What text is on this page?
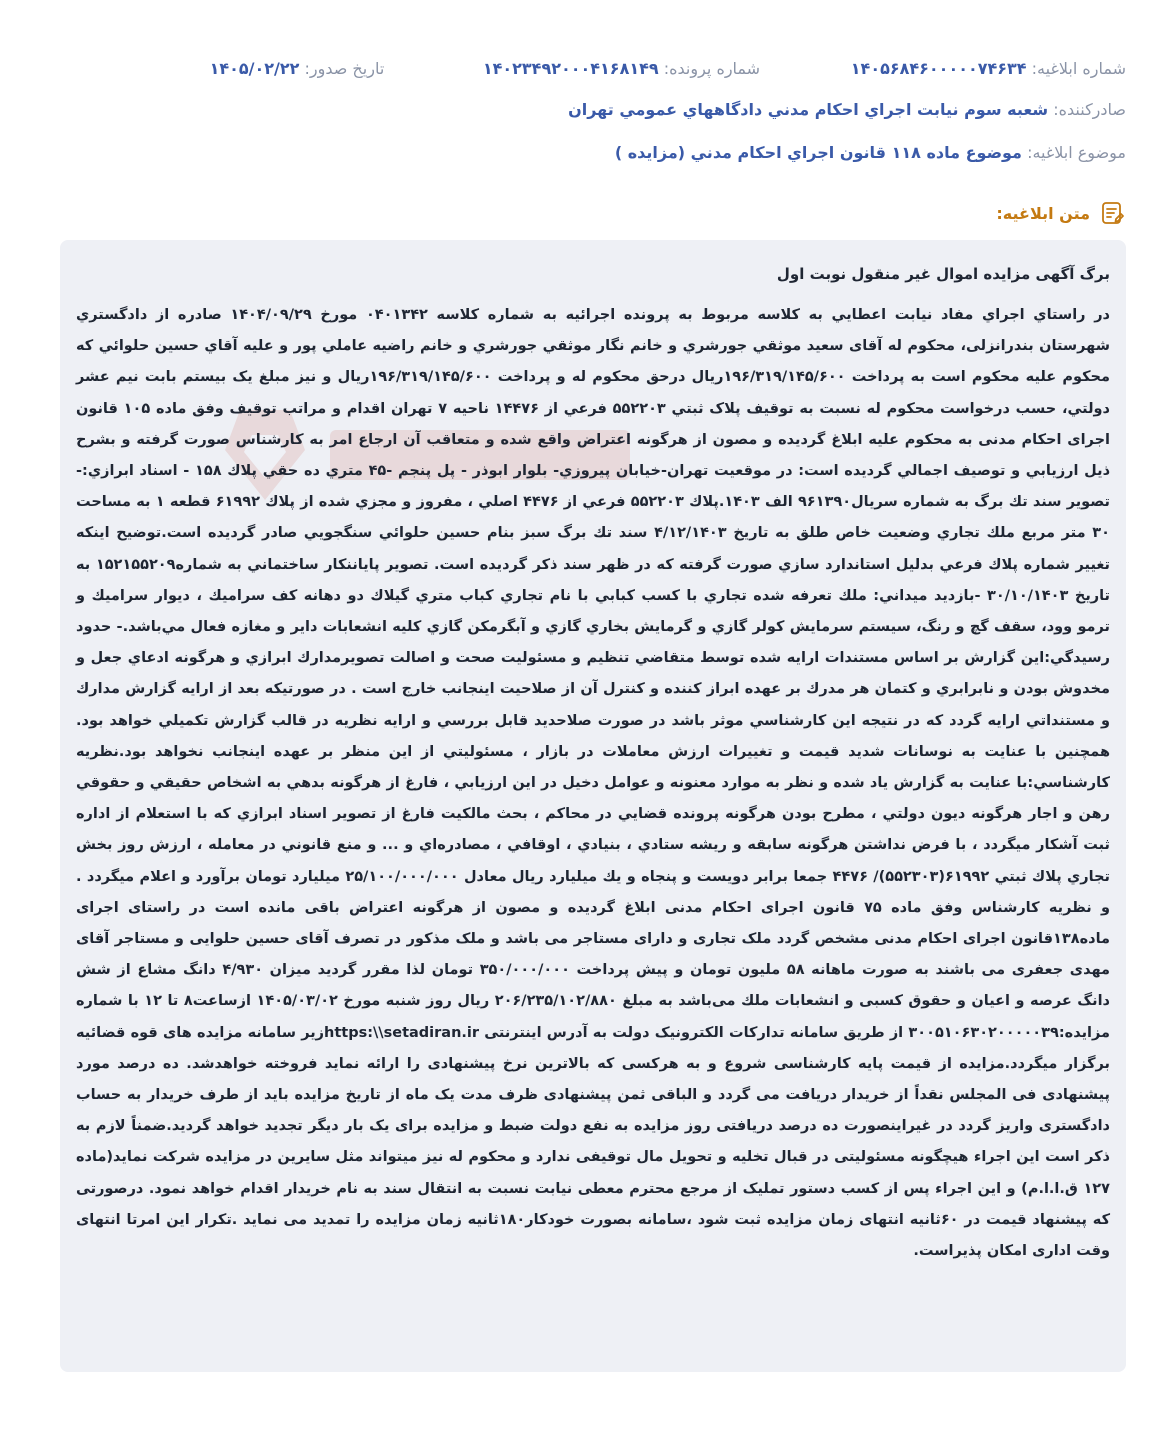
شماره ابلاغيه: ۱۴۰۵۶۸۴۶۰۰۰۰۰۷۴۶۳۴
شماره پرونده: ۱۴۰۲۳۴۹۲۰۰۰۴۱۶۸۱۴۹
تاريخ صدور: ۱۴۰۵/۰۲/۲۲
صادرکننده: شعبه سوم نيابت اجراي احکام مدني دادگاههاي عمومي تهران
موضوع ابلاغيه: موضوع ماده ۱۱۸ قانون اجراي احکام مدني (مزايده )
متن ابلاغيه:

برگ آگهی مزایده اموال غیر منقول نوبت اول

در راستاي اجراي مفاد نيابت اعطايي به كلاسه مربوط به پرونده اجرائيه به شماره كلاسه ۰۴۰۱۳۴۲ مورخ ۱۴۰۴/۰۹/۲۹ صادره از دادگستري شهرستان بندرانزلی، محکوم له آقای سعيد موثقي جورشري و خانم نگار موثقي جورشري و خانم راضيه عاملي پور و عليه آقاي حسين حلوائي كه محكوم عليه محكوم است به پرداخت ۱۹۶/۳۱۹/۱۴۵/۶۰۰ريال درحق محكوم له و پرداخت ۱۹۶/۳۱۹/۱۴۵/۶۰۰ريال و نيز مبلغ يک بيستم بابت نيم عشر دولتي، حسب درخواست محکوم له نسبت به توقيف پلاک ثبتي ۵۵۲۲۰۳ فرعي از ۱۴۴۷۶ ناحيه ۷ تهران اقدام و مراتب توقيف وفق ماده ۱۰۵ قانون اجرای احکام مدنی به محکوم علیه ابلاغ گردیده و مصون از هرگونه اعتراض واقع شده و متعاقب آن ارجاع امر به کارشناس صورت گرفته و بشرح ذيل ارزيابي و توصيف اجمالي گرديده است: در موقعيت تهران-خيابان پيروزي- بلوار ابوذر - پل پنجم -۴۵ متري ده حقي پلاك ۱۵۸ - اسناد ابرازي:- تصوير سند تك برگ به شماره سريال۹۶۱۳۹۰ الف ۱۴۰۳.پلاك ۵۵۲۲۰۳ فرعي از ۴۴۷۶ اصلي ، مفروز و مجزي شده از پلاك ۶۱۹۹۲ قطعه ۱ به مساحت ۳۰ متر مربع ملك تجاري وضعيت خاص طلق به تاريخ ۴/۱۲/۱۴۰۳ سند تك برگ سبز بنام حسين حلوائي سنگجويي صادر گرديده است.توضيح اينكه تغيير شماره پلاك فرعي بدليل استاندارد سازي صورت گرفته كه در ظهر سند ذكر گرديده است. تصوير پاياننكار ساختماني به شماره۱۵۲۱۵۵۲۰۹ به تاريخ ۳۰/۱۰/۱۴۰۳ -بازديد ميداني: ملك تعرفه شده تجاري با كسب كبابي با نام تجاري كباب متري گيلاك دو دهانه كف سراميك ، ديوار سراميك و ترمو وود، سقف گچ و رنگ، سيستم سرمايش كولر گازي و گرمايش بخاري گازي و آبگرمكن گازي كليه انشعابات داير و مغازه فعال مي‌باشد.- حدود رسيدگي:اين گزارش بر اساس مستندات ارايه شده توسط متقاضي تنظيم و مسئوليت صحت و اصالت تصويرمدارك ابرازي و هرگونه ادعاي جعل و مخدوش بودن و نابرابري و كتمان هر مدرك بر عهده ابراز كننده و كنترل آن از صلاحيت اينجانب خارج است . در صورتيكه بعد از ارايه گزارش مدارك و مستنداتي ارايه گردد كه در نتيجه اين كارشناسي موثر باشد در صورت صلاحديد قابل بررسي و ارايه نظريه در قالب گزارش تكميلي خواهد بود. همچنين با عنايت به نوسانات شديد قيمت و تغييرات ارزش معاملات در بازار ، مسئوليتي از اين منظر بر عهده اينجانب نخواهد بود.نظريه كارشناسي:با عنايت به گزارش ياد شده و نظر به موارد معنونه و عوامل دخيل در اين ارزيابي ، فارغ از هرگونه بدهي به اشخاص حقيقي و حقوقي رهن و اجار هرگونه ديون دولتي ، مطرح بودن هرگونه پرونده قضايي در محاكم ، بحث مالكيت فارغ از تصوير اسناد ابرازي كه با استعلام از اداره ثبت آشكار ميگردد ، با فرض نداشتن هرگونه سابقه و ريشه ستادي ، بنيادي ، اوقافي ، مصادره‌اي و ... و منع قانوني در معامله ، ارزش روز بخش تجاري پلاك ثبتي ۶۱۹۹۲(۵۵۲۳۰۳)/ ۴۴۷۶ جمعا برابر دويست و پنجاه و يك ميليارد ريال معادل ۲۵/۱۰۰/۰۰۰/۰۰۰ ميليارد تومان برآورد و اعلام ميگردد . و نظريه کارشناس وفق ماده ۷۵ قانون اجرای احکام مدنی ابلاغ گرديده و مصون از هرگونه اعتراض باقی مانده است در راستای اجرای ماده۱۳۸قانون اجرای احکام مدنی مشخص گردد ملک تجاری و دارای مستاجر می باشد و ملک مذکور در تصرف آقای حسین حلوایی و مستاجر آقای مهدی جعفری می باشند به صورت ماهانه ۵۸ ملیون تومان و پیش پرداخت ۳۵۰/۰۰۰/۰۰۰ تومان لذا مقرر گردید میزان ۴/۹۳۰ دانگ مشاع از شش دانگ عرصه و اعیان و حقوق کسبی و انشعابات ملك می‌باشد به مبلغ ۲۰۶/۲۳۵/۱۰۲/۸۸۰ ريال روز شنبه مورخ ۱۴۰۵/۰۳/۰۲ ازساعت۸ تا ۱۲ با شماره مزایده:۳۰۰۵۱۰۶۳۰۲۰۰۰۰۰۳۹ از طریق سامانه تدارکات الکترونیک دولت به آدرس اینترنتی https:\\setadiran.irزیر سامانه مزایده های قوه قضائیه برگزار میگردد.مزایده از قیمت پایه کارشناسی شروع و به هرکسی که بالاترین نرخ پیشنهادی را ارائه نماید فروخته خواهدشد. ده درصد مورد پیشنهادی فی المجلس نقداً از خریدار دریافت می گردد و الباقی ثمن پیشنهادی ظرف مدت یک ماه از تاریخ مزایده باید از طرف خریدار به حساب دادگستری واریز گردد در غیراینصورت ده درصد دریافتی روز مزایده به نفع دولت ضبط و مزایده برای یک بار دیگر تجدید خواهد گردید.ضمناً لازم به ذکر است این اجراء هیچگونه مسئولیتی در قبال تخلیه و تحویل مال توقیفی ندارد و محکوم له نیز میتواند مثل سایرین در مزایده شرکت نماید(ماده ۱۲۷ ق.ا.ا.م) و این اجراء پس از کسب دستور تملیک از مرجع محترم معطی نیابت نسبت به انتقال سند به نام خریدار اقدام خواهد نمود. درصورتی که پیشنهاد قیمت در ۶۰ثانیه انتهای زمان مزایده ثبت شود ،سامانه بصورت خودکار۱۸۰ثانیه زمان مزایده را تمدید می نماید .تکرار این امرتا انتهای وقت اداری امکان پذیراست.
